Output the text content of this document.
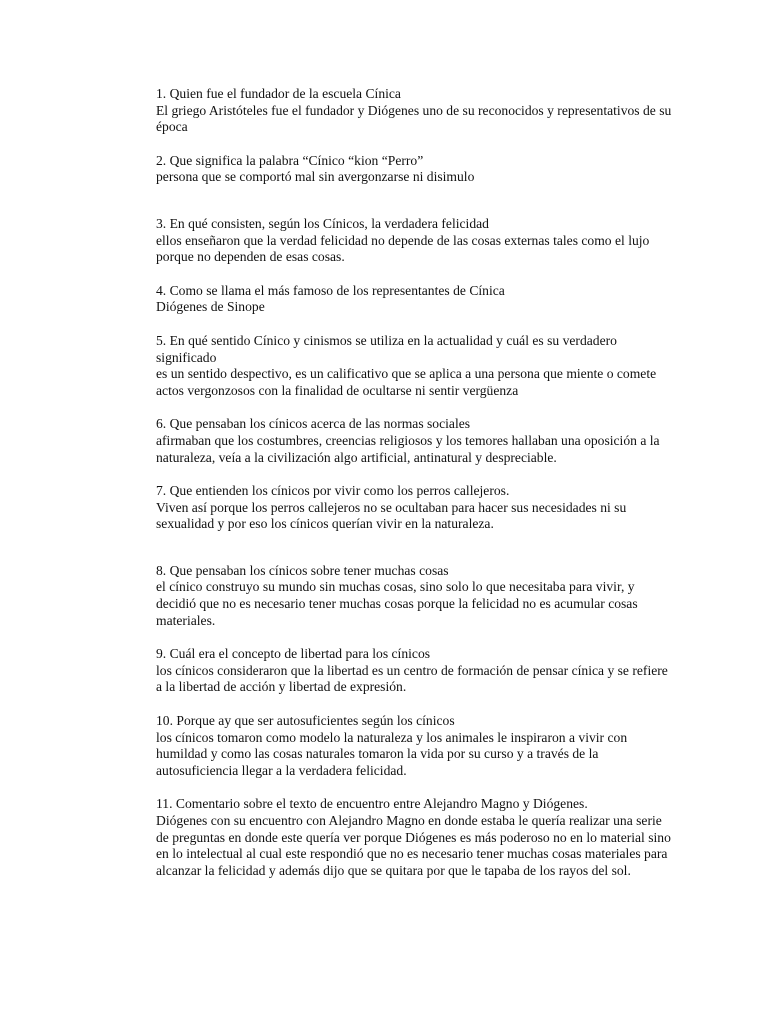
1. Quien fue el fundador de la escuela Cínica
El griego Aristóteles fue el fundador y Diógenes uno de su reconocidos y representativos de su época
2. Que significa la palabra “Cínico “kion “Perro”
persona que se comportó mal sin avergonzarse ni disimulo
3. En qué consisten, según los Cínicos, la verdadera felicidad
ellos enseñaron que la verdad felicidad no depende de las cosas externas tales como el lujo porque no dependen de esas cosas.
4. Como se llama el más famoso de los representantes de Cínica
Diógenes de Sinope
5. En qué sentido Cínico y cinismos se utiliza en la actualidad y cuál es su verdadero significado
es un sentido despectivo, es un calificativo que se aplica a una persona que miente o comete actos vergonzosos con la finalidad de ocultarse ni sentir vergüenza
6. Que pensaban los cínicos acerca de las normas sociales
afirmaban que los costumbres, creencias religiosos y los temores hallaban una oposición a la naturaleza, veía a la civilización algo artificial, antinatural y despreciable.
7. Que entienden los cínicos por vivir como los perros callejeros.
Viven así porque los perros callejeros no se ocultaban para hacer sus necesidades ni su sexualidad y por eso los cínicos querían vivir en la naturaleza.
8. Que pensaban los cínicos sobre tener muchas cosas
el cínico construyo su mundo sin muchas cosas, sino solo lo que necesitaba para vivir, y decidió que no es necesario tener muchas cosas porque la felicidad no es acumular cosas materiales.
9. Cuál era el concepto de libertad para los cínicos
los cínicos consideraron que la libertad es un centro de formación de pensar cínica y se refiere a la libertad de acción y libertad de expresión.
10. Porque ay que ser autosuficientes según los cínicos
los cínicos tomaron como modelo la naturaleza y los animales le inspiraron a vivir con humildad y como las cosas naturales tomaron la vida por su curso y a través de la autosuficiencia llegar a la verdadera felicidad.
11. Comentario sobre el texto de encuentro entre Alejandro Magno y Diógenes.
Diógenes con su encuentro con Alejandro Magno en donde estaba le quería realizar una serie de preguntas en donde este quería ver porque Diógenes es más poderoso no en lo material sino en lo intelectual al cual este respondió que no es necesario tener muchas cosas materiales para alcanzar la felicidad y además dijo que se quitara por que le tapaba de los rayos del sol.
